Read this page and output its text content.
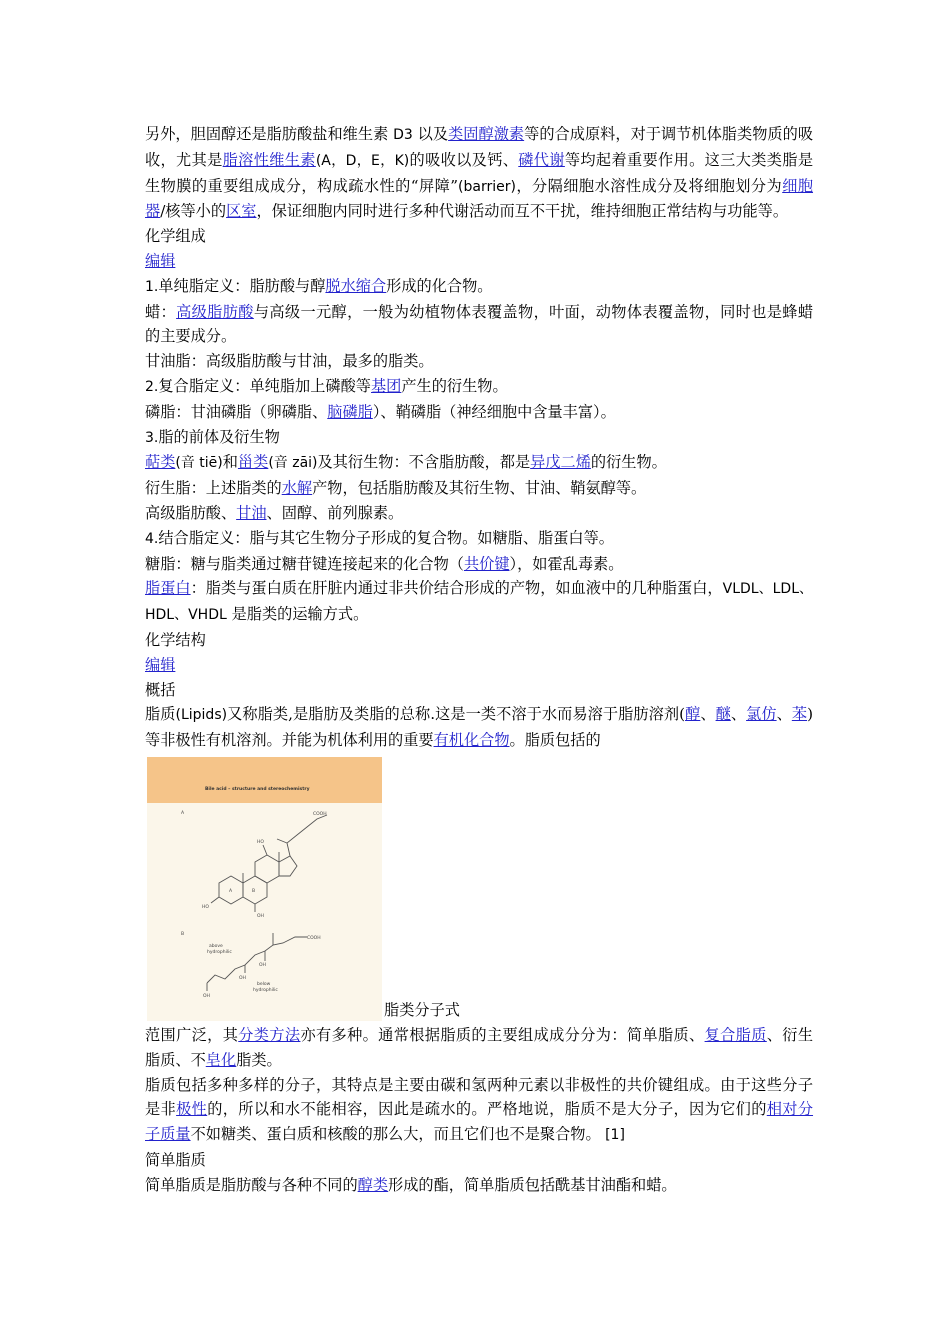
另外，胆固醇还是脂肪酸盐和维生素 D3 以及类固醇激素等的合成原料，对于调节机体脂类物质的吸收，尤其是脂溶性维生素(A，D，E，K)的吸收以及钙、磷代谢等均起着重要作用。这三大类类脂是生物膜的重要组成成分，构成疏水性的“屏障”(barrier)，分隔细胞水溶性成分及将细胞划分为细胞器/核等小的区室，保证细胞内同时进行多种代谢活动而互不干扰，维持细胞正常结构与功能等。

化学组成

编辑

1.单纯脂定义：脂肪酸与醇脱水缩合形成的化合物。

蜡：高级脂肪酸与高级一元醇，一般为幼植物体表覆盖物，叶面，动物体表覆盖物，同时也是蜂蜡的主要成分。

甘油脂：高级脂肪酸与甘油，最多的脂类。

2.复合脂定义：单纯脂加上磷酸等基团产生的衍生物。

磷脂：甘油磷脂（卵磷脂、脑磷脂）、鞘磷脂（神经细胞中含量丰富）。

3.脂的前体及衍生物

萜类(音 tiē)和甾类(音 zāi)及其衍生物：不含脂肪酸，都是异戊二烯的衍生物。

衍生脂：上述脂类的水解产物，包括脂肪酸及其衍生物、甘油、鞘氨醇等。

高级脂肪酸、甘油、固醇、前列腺素。

4.结合脂定义：脂与其它生物分子形成的复合物。如糖脂、脂蛋白等。

糖脂：糖与脂类通过糖苷键连接起来的化合物（共价键），如霍乱毒素。

脂蛋白：脂类与蛋白质在肝脏内通过非共价结合形成的产物，如血液中的几种脂蛋白，VLDL、LDL、HDL、VHDL 是脂类的运输方式。

化学结构

编辑

概括

脂质(Lipids)又称脂类,是脂肪及类脂的总称.这是一类不溶于水而易溶于脂肪溶剂(醇、醚、氯仿、苯)等非极性有机溶剂。并能为机体利用的重要有机化合物。脂质包括的

Bile acid – structure and stereochemistry
A
B
A	B
COOH
HO
HO
OH
COOH
above
hydrophilic
OH
OH
OH
below
hydrophilic
脂类分子式

范围广泛，其分类方法亦有多种。通常根据脂质的主要组成成分分为：简单脂质、复合脂质、衍生脂质、不皂化脂类。

脂质包括多种多样的分子，其特点是主要由碳和氢两种元素以非极性的共价键组成。由于这些分子是非极性的，所以和水不能相容，因此是疏水的。严格地说，脂质不是大分子，因为它们的相对分子质量不如糖类、蛋白质和核酸的那么大，而且它们也不是聚合物。 [1]

简单脂质

简单脂质是脂肪酸与各种不同的醇类形成的酯，简单脂质包括酰基甘油酯和蜡。
